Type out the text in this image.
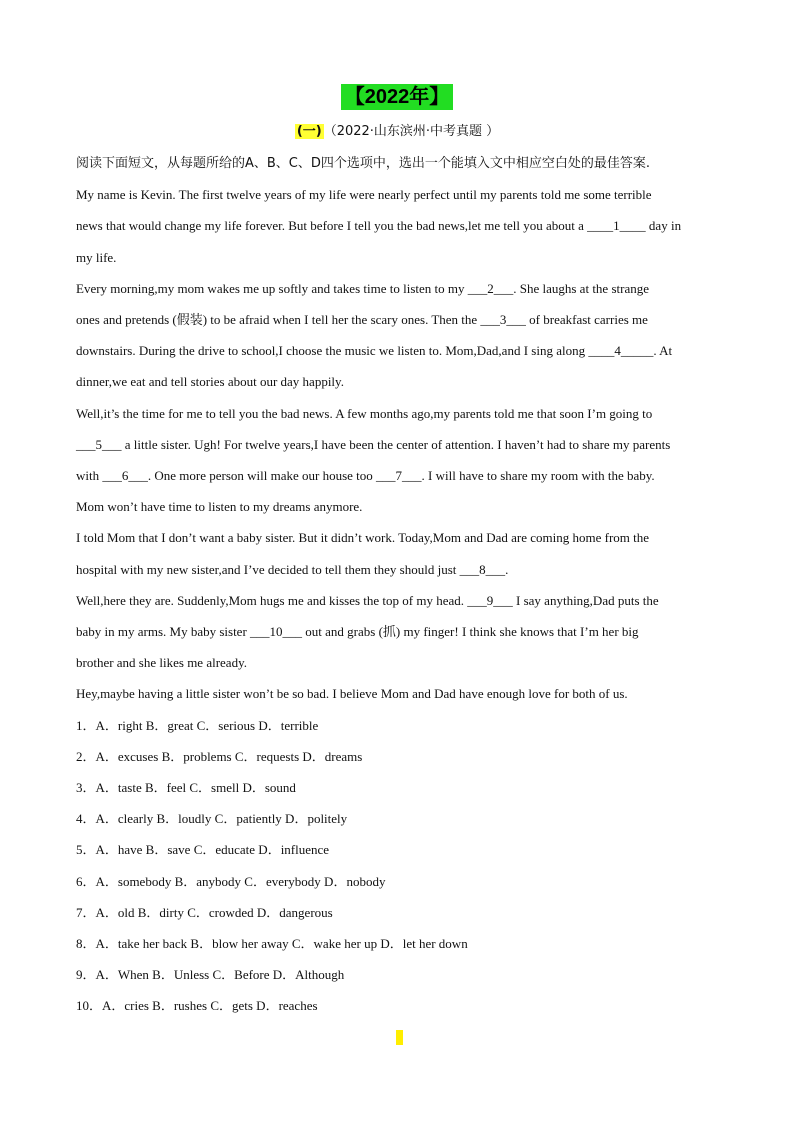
【2022年】
(一) （2022·山东滨州·中考真题 ）
阅读下面短文，从每题所给的A、B、C、D四个选项中，选出一个能填入文中相应空白处的最佳答案.
My name is Kevin. The first twelve years of my life were nearly perfect until my parents told me some terrible
news that would change my life forever. But before I tell you the bad news,let me tell you about a ____1____ day in
my life.
Every morning,my mom wakes me up softly and takes time to listen to my ___2___. She laughs at the strange
ones and pretends (假装) to be afraid when I tell her the scary ones. Then the ___3___ of breakfast carries me
downstairs. During the drive to school,I choose the music we listen to. Mom,Dad,and I sing along ____4_____. At
dinner,we eat and tell stories about our day happily.
Well,it’s the time for me to tell you the bad news. A few months ago,my parents told me that soon I’m going to
___5___ a little sister. Ugh! For twelve years,I have been the center of attention. I haven’t had to share my parents
with ___6___. One more person will make our house too ___7___. I will have to share my room with the baby.
Mom won’t have time to listen to my dreams anymore.
I told Mom that I don’t want a baby sister. But it didn’t work. Today,Mom and Dad are coming home from the
hospital with my new sister,and I’ve decided to tell them they should just ___8___.
Well,here they are. Suddenly,Mom hugs me and kisses the top of my head. ___9___ I say anything,Dad puts the
baby in my arms. My baby sister ___10___ out and grabs (抓) my finger! I think she knows that I’m her big
brother and she likes me already.
Hey,maybe having a little sister won’t be so bad. I believe Mom and Dad have enough love for both of us.
1．A．right B．great C．serious D．terrible
2．A．excuses B．problems C．requests D．dreams
3．A．taste B．feel C．smell D．sound
4．A．clearly B．loudly C．patiently D．politely
5．A．have B．save C．educate D．influence
6．A．somebody B．anybody C．everybody D．nobody
7．A．old B．dirty C．crowded D．dangerous
8．A．take her back B．blow her away C．wake her up D．let her down
9．A．When B．Unless C．Before D．Although
10．A．cries B．rushes C．gets D．reaches
